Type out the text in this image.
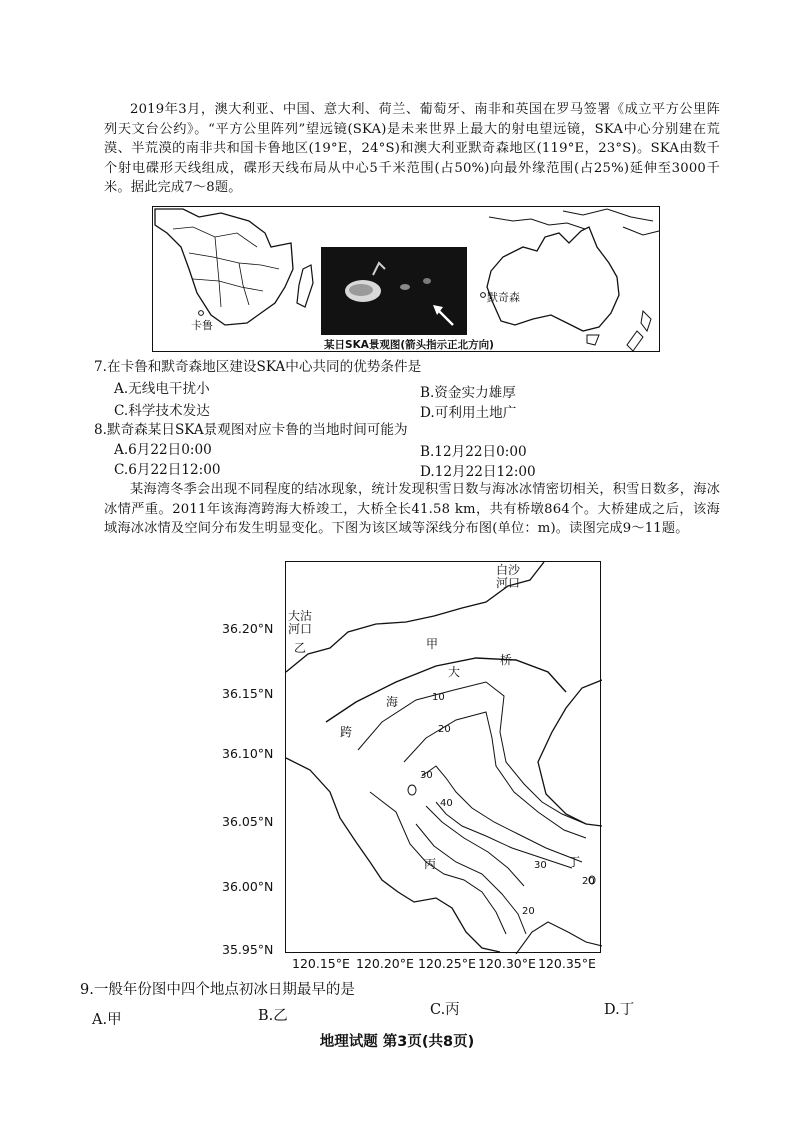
2019年3月，澳大利亚、中国、意大利、荷兰、葡萄牙、南非和英国在罗马签署《成立平方公里阵列天文台公约》。“平方公里阵列”望远镜(SKA)是未来世界上最大的射电望远镜，SKA中心分别建在荒漠、半荒漠的南非共和国卡鲁地区(19°E，24°S)和澳大利亚默奇森地区(119°E，23°S)。SKA由数千个射电碟形天线组成，碟形天线布局从中心5千米范围(占50%)向最外缘范围(占25%)延伸至3000千米。据此完成7～8题。
卡鲁
默奇森
某日SKA景观图(箭头指示正北方向)
7.在卡鲁和默奇森地区建设SKA中心共同的优势条件是
A.无线电干扰小	B.资金实力雄厚
C.科学技术发达	D.可利用土地广
8.默奇森某日SKA景观图对应卡鲁的当地时间可能为
A.6月22日0:00	B.12月22日0:00
C.6月22日12:00	D.12月22日12:00
某海湾冬季会出现不同程度的结冰现象，统计发现积雪日数与海冰冰情密切相关，积雪日数多，海冰冰情严重。2011年该海湾跨海大桥竣工，大桥全长41.58 km，共有桥墩864个。大桥建成之后，该海域海冰冰情及空间分布发生明显变化。下图为该区域等深线分布图(单位：m)。读图完成9～11题。
36.20°N
36.15°N
36.10°N
36.05°N
36.00°N
35.95°N
白沙
河口
大沽
河口
乙	甲
丙	丁
跨
海
大
桥
10
20
30
40
30
20
20
120.15°E 120.20°E 120.25°E 120.30°E 120.35°E
9.一般年份图中四个地点初冰日期最早的是
A.甲	B.乙	C.丙	D.丁
地理试题 第3页(共8页)
